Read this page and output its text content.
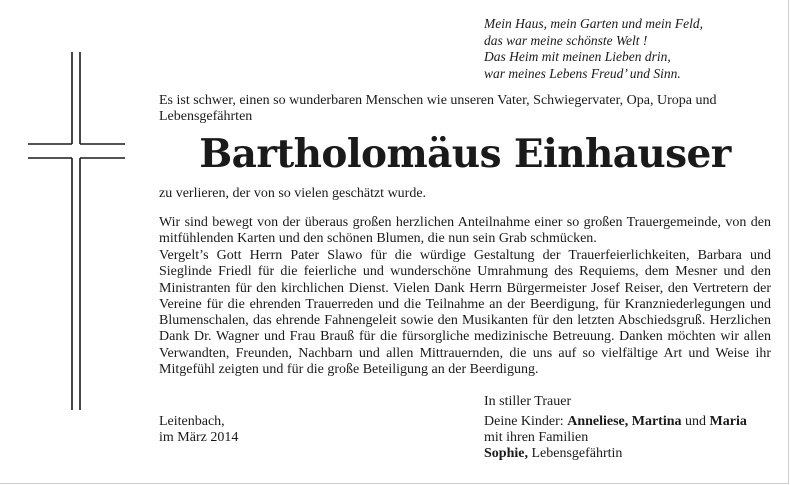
Mein Haus, mein Garten und mein Feld,
das war meine schönste Welt !
Das Heim mit meinen Lieben drin,
war meines Lebens Freud’ und Sinn.
Es ist schwer, einen so wunderbaren Menschen wie unseren Vater, Schwiegervater, Opa, Uropa und Lebensgefährten
Bartholomäus Einhauser
zu verlieren, der von so vielen geschätzt wurde.
Wir sind bewegt von der überaus großen herzlichen Anteilnahme einer so großen Trauergemeinde, von den mitfühlenden Karten und den schönen Blumen, die nun sein Grab schmücken.
Vergelt’s Gott Herrn Pater Slawo für die würdige Gestaltung der Trauerfeierlichkeiten, Barbara und Sieglinde Friedl für die feierliche und wunderschöne Umrahmung des Requiems, dem Mesner und den Ministranten für den kirchlichen Dienst. Vielen Dank Herrn Bürgermeister Josef Reiser, den Vertretern der Vereine für die ehrenden Trauerreden und die Teilnahme an der Beerdigung, für Kranzniederlegungen und Blumenschalen, das ehrende Fahnengeleit sowie den Musikanten für den letzten Abschiedsgruß. Herzlichen Dank Dr. Wagner und Frau Brauß für die fürsorgliche medizinische Betreuung. Danken möchten wir allen Verwandten, Freunden, Nachbarn und allen Mittrauernden, die uns auf so vielfältige Art und Weise ihr Mitgefühl zeigten und für die große Beteiligung an der Beerdigung.
In stiller Trauer
Leitenbach,
im März 2014
Deine Kinder: Anneliese, Martina und Maria
mit ihren Familien
Sophie, Lebensgefährtin
